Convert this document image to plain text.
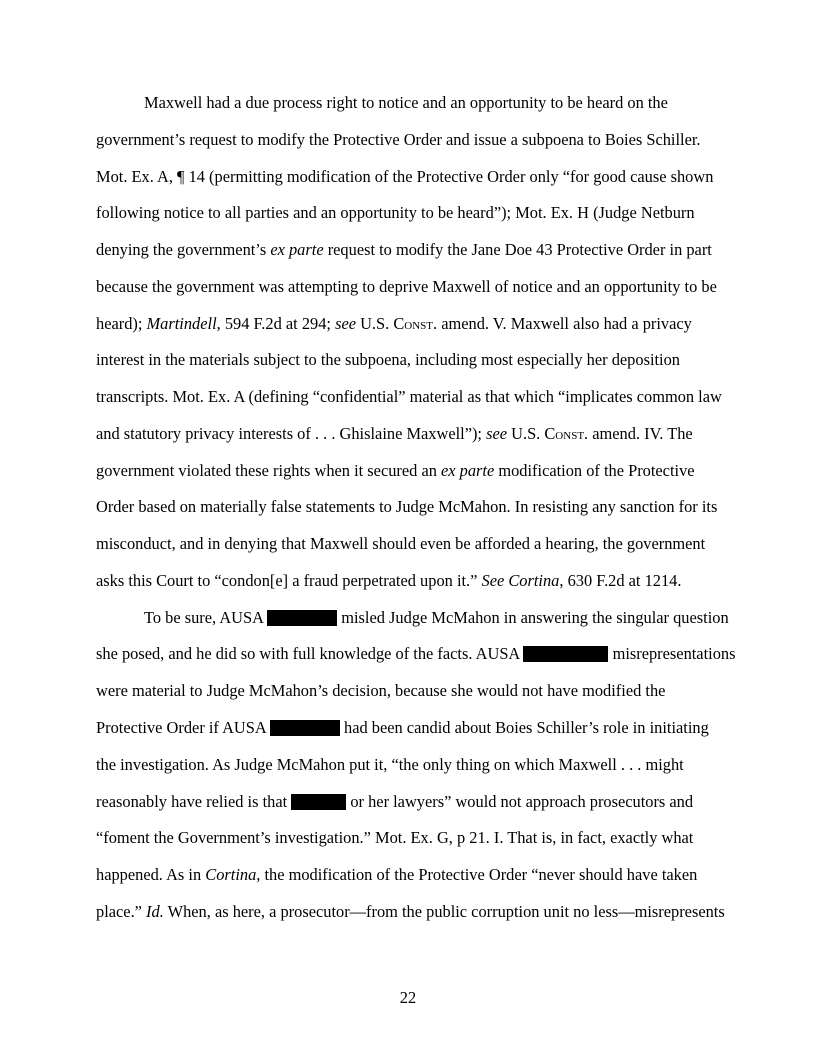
Maxwell had a due process right to notice and an opportunity to be heard on the
government’s request to modify the Protective Order and issue a subpoena to Boies Schiller.
Mot. Ex. A, ¶ 14 (permitting modification of the Protective Order only “for good cause shown
following notice to all parties and an opportunity to be heard”); Mot. Ex. H (Judge Netburn
denying the government’s ex parte request to modify the Jane Doe 43 Protective Order in part
because the government was attempting to deprive Maxwell of notice and an opportunity to be
heard); Martindell, 594 F.2d at 294; see U.S. Const. amend. V. Maxwell also had a privacy
interest in the materials subject to the subpoena, including most especially her deposition
transcripts. Mot. Ex. A (defining “confidential” material as that which “implicates common law
and statutory privacy interests of . . . Ghislaine Maxwell”); see U.S. Const. amend. IV. The
government violated these rights when it secured an ex parte modification of the Protective
Order based on materially false statements to Judge McMahon. In resisting any sanction for its
misconduct, and in denying that Maxwell should even be afforded a hearing, the government
asks this Court to “condon[e] a fraud perpetrated upon it.” See Cortina, 630 F.2d at 1214.
To be sure, AUSA	misled Judge McMahon in answering the singular question
she posed, and he did so with full knowledge of the facts. AUSA	misrepresentations
were material to Judge McMahon’s decision, because she would not have modified the
Protective Order if AUSA	had been candid about Boies Schiller’s role in initiating
the investigation. As Judge McMahon put it, “the only thing on which Maxwell . . . might
reasonably have relied is that	or her lawyers” would not approach prosecutors and
“foment the Government’s investigation.” Mot. Ex. G, p 21. I. That is, in fact, exactly what
happened. As in Cortina, the modification of the Protective Order “never should have taken
place.” Id. When, as here, a prosecutor—from the public corruption unit no less—misrepresents
22
